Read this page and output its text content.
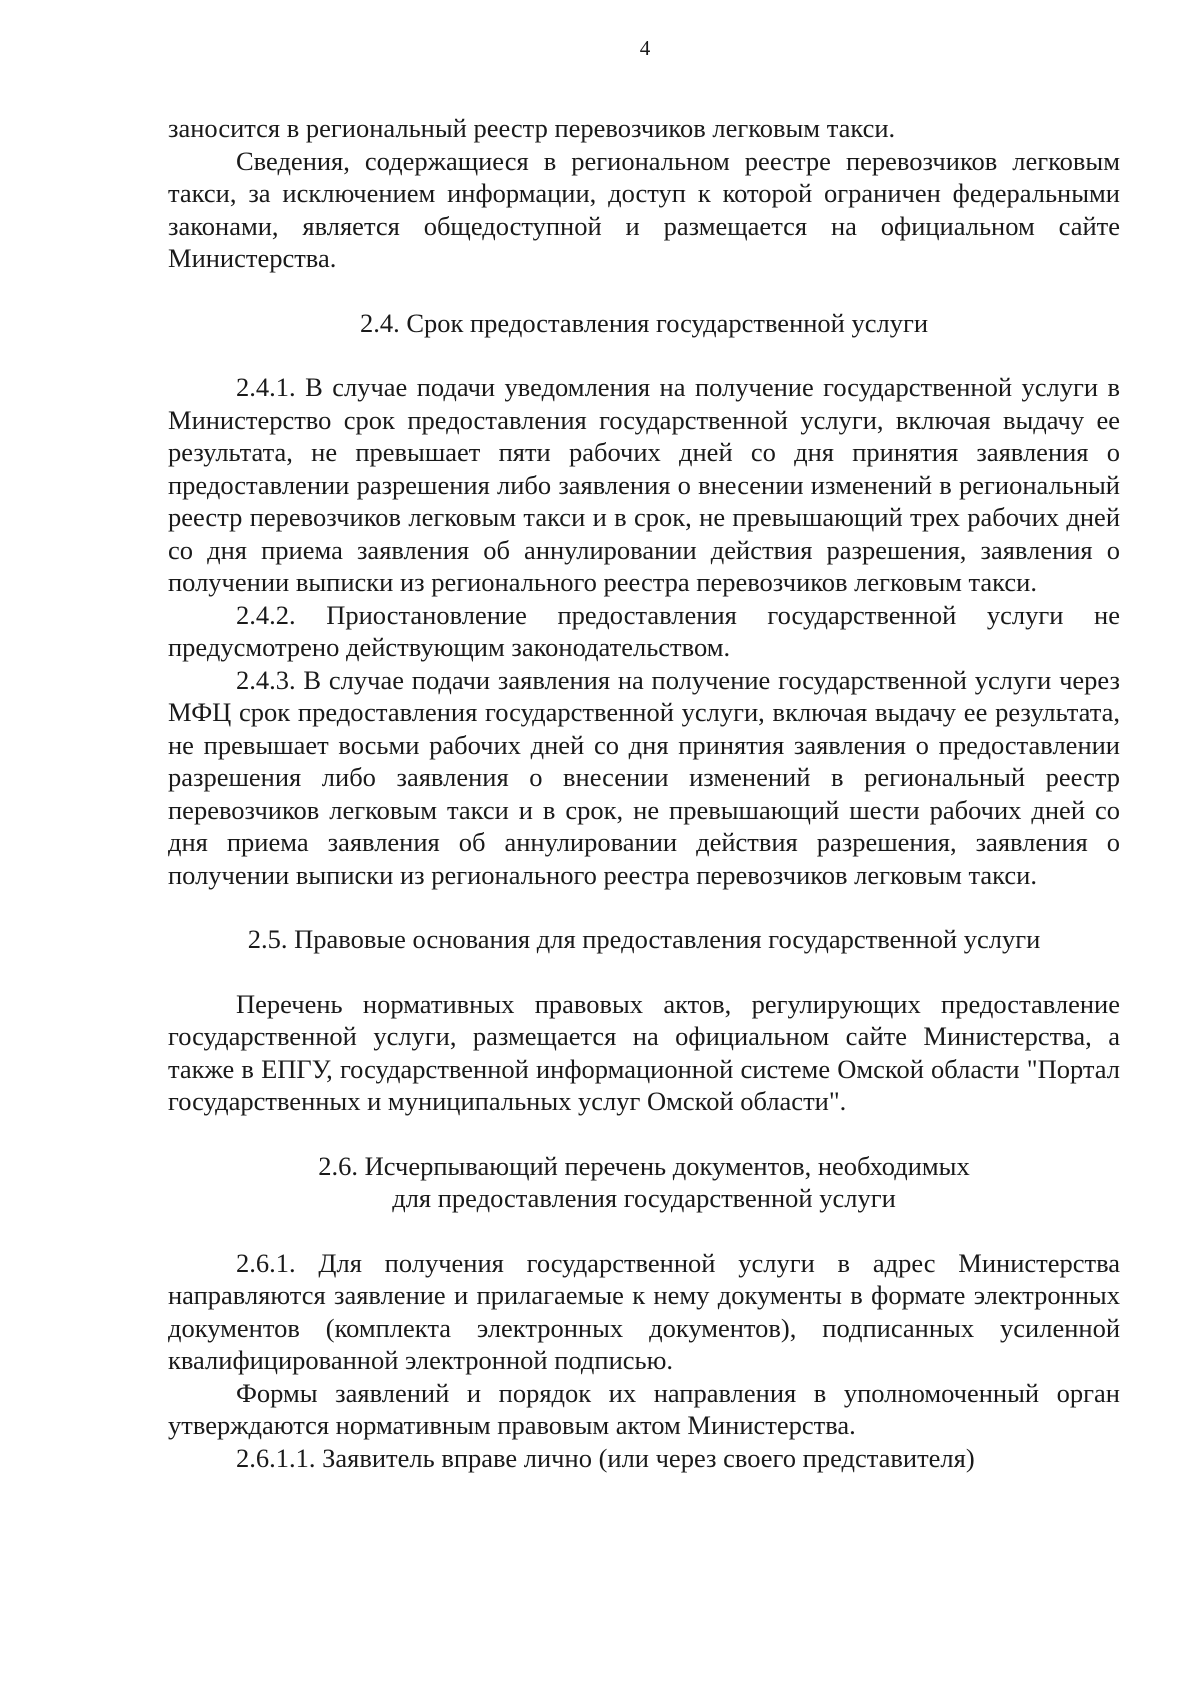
4

заносится в региональный реестр перевозчиков легковым такси.

Сведения, содержащиеся в региональном реестре перевозчиков легковым такси, за исключением информации, доступ к которой ограничен федеральными законами, является общедоступной и размещается на официальном сайте Министерства.

2.4. Срок предоставления государственной услуги

2.4.1. В случае подачи уведомления на получение государственной услуги в Министерство срок предоставления государственной услуги, включая выдачу ее результата, не превышает пяти рабочих дней со дня принятия заявления о предоставлении разрешения либо заявления о внесении изменений в региональный реестр перевозчиков легковым такси и в срок, не превышающий трех рабочих дней со дня приема заявления об аннулировании действия разрешения, заявления о получении выписки из регионального реестра перевозчиков легковым такси.

2.4.2. Приостановление предоставления государственной услуги не предусмотрено действующим законодательством.

2.4.3. В случае подачи заявления на получение государственной услуги через МФЦ срок предоставления государственной услуги, включая выдачу ее результата, не превышает восьми рабочих дней со дня принятия заявления о предоставлении разрешения либо заявления о внесении изменений в региональный реестр перевозчиков легковым такси и в срок, не превышающий шести рабочих дней со дня приема заявления об аннулировании действия разрешения, заявления о получении выписки из регионального реестра перевозчиков легковым такси.

2.5. Правовые основания для предоставления государственной услуги

Перечень нормативных правовых актов, регулирующих предоставление государственной услуги, размещается на официальном сайте Министерства, а также в ЕПГУ, государственной информационной системе Омской области "Портал государственных и муниципальных услуг Омской области".

2.6. Исчерпывающий перечень документов, необходимых
для предоставления государственной услуги

2.6.1. Для получения государственной услуги в адрес Министерства направляются заявление и прилагаемые к нему документы в формате электронных документов (комплекта электронных документов), подписанных усиленной квалифицированной электронной подписью.

Формы заявлений и порядок их направления в уполномоченный орган утверждаются нормативным правовым актом Министерства.

2.6.1.1. Заявитель вправе лично (или через своего представителя)
